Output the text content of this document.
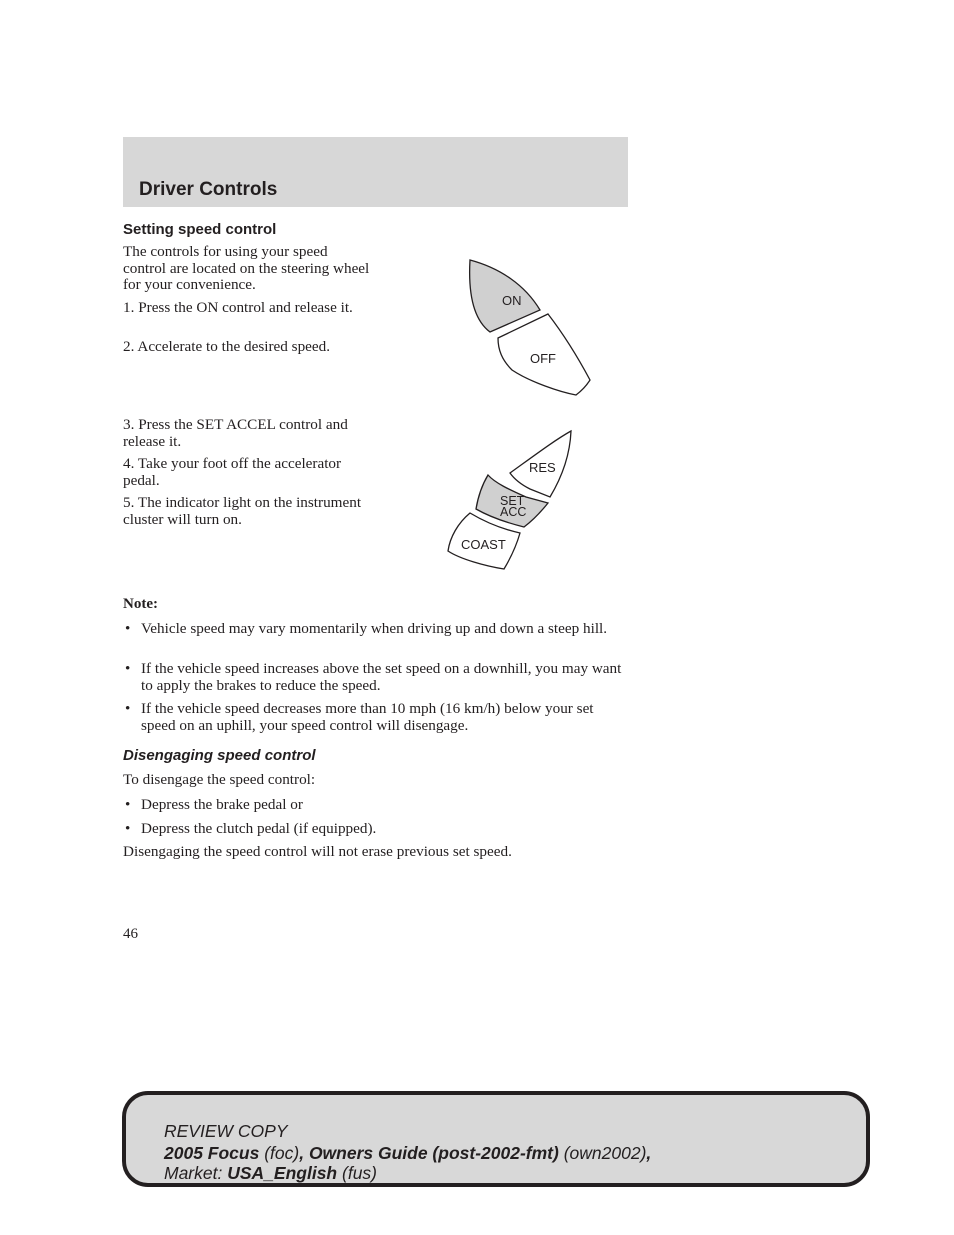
Driver Controls
Setting speed control

The controls for using your speed control are located on the steering wheel for your convenience.

1. Press the ON control and release it.

2. Accelerate to the desired speed.

3. Press the SET ACCEL control and release it.

4. Take your foot off the accelerator pedal.

5. The indicator light on the instrument cluster will turn on.

ON
OFF
RES
SET
ACC
COAST
Note:
• Vehicle speed may vary momentarily when driving up and down a steep hill.
• If the vehicle speed increases above the set speed on a downhill, you may want to apply the brakes to reduce the speed.
• If the vehicle speed decreases more than 10 mph (16 km/h) below your set speed on an uphill, your speed control will disengage.
Disengaging speed control

To disengage the speed control:

• Depress the brake pedal or
• Depress the clutch pedal (if equipped).

Disengaging the speed control will not erase previous set speed.

46
REVIEW COPY
2005 Focus (foc), Owners Guide (post-2002-fmt) (own2002),
Market: USA_English (fus)
